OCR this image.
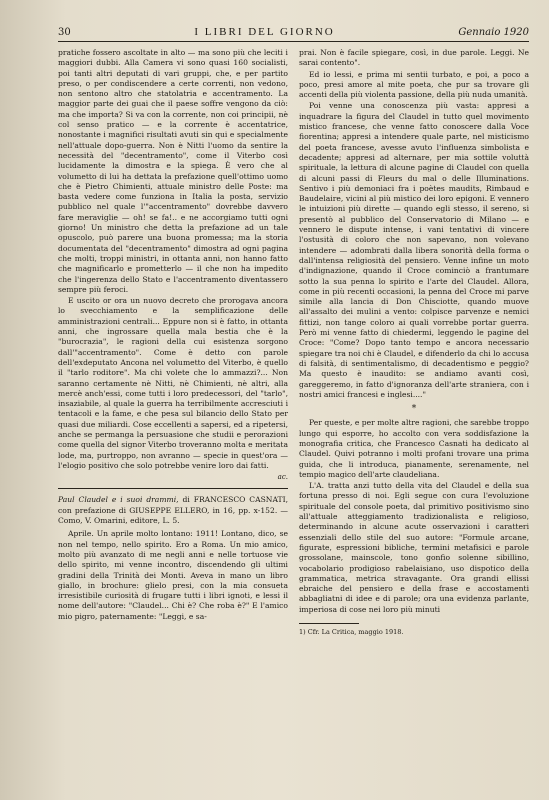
30	I LIBRI DEL GIORNO	Gennaio 1920

pratiche fossero ascoltate in alto — ma sono più che leciti i maggiori dubbi. Alla Camera vi sono quasi 160 socialisti, poi tanti altri deputati di vari gruppi, che, e per partito preso, o per condiscendere a certe correnti, non vedono, non sentono altro che statolatria e accentramento. La maggior parte dei guai che il paese soffre vengono da ciò: ma che importa? Si va con la corrente, non coi principii, nè col senso pratico — e la corrente è accentatrice, nonostante i magnifici risultati avuti sin qui e specialmente nell'attuale dopo-guerra. Non è Nitti l'uomo da sentire la necessità del "decentramento", come il Viterbo così lucidamente la dimostra e la spiega. È vero che al volumetto di lui ha dettata la prefazione quell'ottimo uomo che è Pietro Chimienti, attuale ministro delle Poste: ma basta vedere come funziona in Italia la posta, servizio pubblico nel quale l'"accentramento" dovrebbe davvero fare meraviglie — oh! se fa!.. e ne accorgiamo tutti ogni giorno! Un ministro che detta la prefazione ad un tale opuscolo, può parere una buona promessa; ma la storia documentata del "decentramento" dimostra ad ogni pagina che molti, troppi ministri, in ottanta anni, non hanno fatto che magnificarlo e prometterlo — il che non ha impedito che l'ingerenza dello Stato e l'accentramento diventassero sempre più feroci.

E uscito or ora un nuovo decreto che prorogava ancora lo svecchiamento e la semplificazione delle amministrazioni centrali... Eppure non si è fatto, in ottanta anni, che ingrossare quella mala bestia che è la "burocrazia", le ragioni della cui esistenza sorgono dall'"accentramento". Come è detto con parole dell'exdeputato Ancona nel volumetto del Viterbo, è quello il "tarlo roditore". Ma chi volete che lo ammazzi?... Non saranno certamente nè Nitti, nè Chimienti, nè altri, alla mercè anch'essi, come tutti i loro predecessori, del "tarlo", insaziabile, al quale la guerra ha terribilmente accresciuti i tentacoli e la fame, e che pesa sul bilancio dello Stato per quasi due miliardi. Cose eccellenti a sapersi, ed a ripetersi, anche se permanga la persuasione che studii e perorazioni come quella del signor Viterbo troveranno molta e meritata lode, ma, purtroppo, non avranno — specie in quest'ora — l'elogio positivo che solo potrebbe venire loro dai fatti.

ac.

Paul Claudel e i suoi drammi, di FRANCESCO CASNATI, con prefazione di GIUSEPPE ELLERO, in 16, pp. x-152. — Como, V. Omarini, editore, L. 5.

Aprile. Un aprile molto lontano: 1911! Lontano, dico, se non nel tempo, nello spirito. Ero a Roma. Un mio amico, molto più avanzato di me negli anni e nelle tortuose vie dello spirito, mi venne incontro, discendendo gli ultimi gradini della Trinità dei Monti. Aveva in mano un libro giallo, in brochure: glielo presi, con la mia consueta irresistibile curiosità di frugare tutti i libri ignoti, e lessi il nome dell'autore: "Claudel... Chi è? Che roba è?" E l'amico mio pigro, paternamente: "Leggi, e sa-

prai. Non è facile spiegare, così, in due parole. Leggi. Ne sarai contento".

Ed io lessi, e prima mi sentii turbato, e poi, a poco a poco, presi amore al mite poeta, che pur sa trovare gli accenti della più violenta passione, della più nuda umanità.

Poi venne una conoscenza più vasta: appresi a inquadrare la figura del Claudel in tutto quel movimento mistico francese, che venne fatto conoscere dalla Voce fiorentina; appresi a intendere quale parte, nel misticismo del poeta francese, avesse avuto l'influenza simbolista e decadente; appresi ad alternare, per mia sottile voluttà spirituale, la lettura di alcune pagine di Claudel con quella di alcuni passi di Fleurs du mal o delle Illuminations. Sentivo i più demoniaci fra i poètes maudits, Rimbaud e Baudelaire, vicini al più mistico dei loro epigoni. E vennero le intuizioni più dirette — quando egli stesso, il sereno, si presentò al pubblico del Conservatorio di Milano — e vennero le dispute intense, i vani tentativi di vincere l'ostusità di coloro che non sapevano, non volevano intendere — adombrati dalla libera sonorità della forma o dall'intensa religiosità del pensiero. Venne infine un moto d'indignazione, quando il Croce cominciò a frantumare sotto la sua penna lo spirito e l'arte del Claudel. Allora, come in più recenti occasioni, la penna del Croce mi parve simile alla lancia di Don Chisciotte, quando muove all'assalto dei mulini a vento: colpisce parvenze e nemici fittizi, non tange coloro ai quali vorrebbe portar guerra. Però mi venne fatto di chiedermi, leggendo le pagine del Croce: "Come? Dopo tanto tempo e ancora necessario spiegare tra noi chi è Claudel, e difenderlo da chi lo accusa di falsità, di sentimentalismo, di decadentismo e peggio? Ma questo è inaudito: se andiamo avanti così, gareggeremo, in fatto d'ignoranza dell'arte straniera, con i nostri amici francesi e inglesi...."

*

Per queste, e per molte altre ragioni, che sarebbe troppo lungo qui esporre, ho accolto con vera soddisfazione la monografia critica, che Francesco Casnati ha dedicato al Claudel. Quivi potranno i molti profani trovare una prima guida, che li introduca, pianamente, serenamente, nel tempio magico dell'arte claudeliana.

L'A. tratta anzi tutto della vita del Claudel e della sua fortuna presso di noi. Egli segue con cura l'evoluzione spirituale del console poeta, dal primitivo positivismo sino all'attuale atteggiamento tradizionalista e religioso, determinando in alcune acute osservazioni i caratteri essenziali dello stile del suo autore: "Formule arcane, figurate, espressioni bibliche, termini metafisici e parole grossolane, mainscole, tono gonfio solenne sibillino, vocabolario prodigioso rabelaisiano, uso dispotico della grammatica, metrica stravagante. Ora grandi ellissi ebraiche del pensiero e della frase e accostamenti abbagliatni di idee e di parole; ora una evidenza parlante, imperiosa di cose nei loro più minuti

1) Cfr. La Critica, maggio 1918.
